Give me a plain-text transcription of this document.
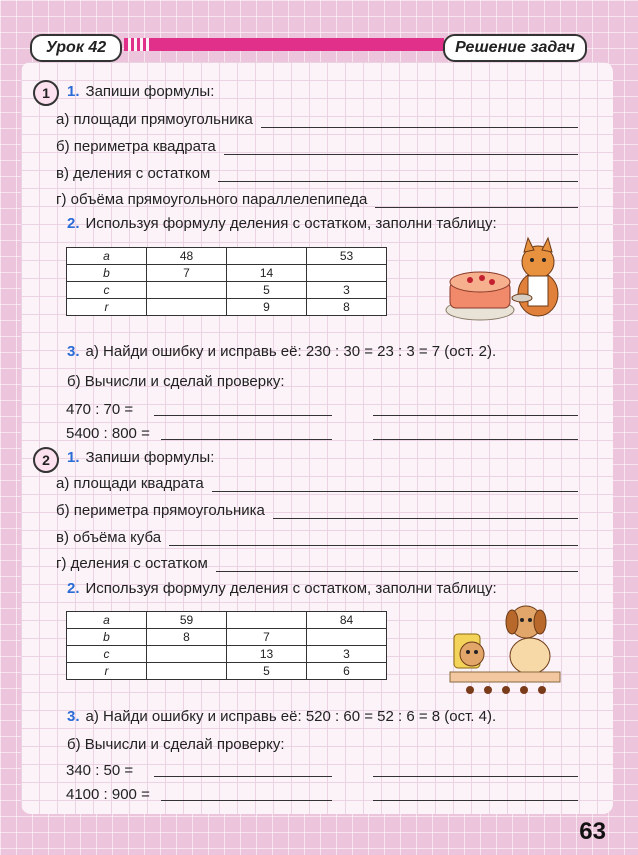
Урок 42	Решение задач
1	1. Запиши формулы:
а) площади прямоугольника
б) периметра квадрата
в) деления с остатком
г) объёма прямоугольного параллелепипеда
2. Используя формулу деления с остатком, заполни таблицу:
a	48		53
b	7	14	
c		5	3
r		9	8
3. а) Найди ошибку и исправь её: 230 : 30 = 23 : 3 = 7 (ост. 2).
б) Вычисли и сделай проверку:
470 : 70 =
5400 : 800 =
2	1. Запиши формулы:
а) площади квадрата
б) периметра прямоугольника
в) объёма куба
г) деления с остатком
2. Используя формулу деления с остатком, заполни таблицу:
a	59		84
b	8	7	
c		13	3
r		5	6
3. а) Найди ошибку и исправь её: 520 : 60 = 52 : 6 = 8 (ост. 4).
б) Вычисли и сделай проверку:
340 : 50 =
4100 : 900 =
63
